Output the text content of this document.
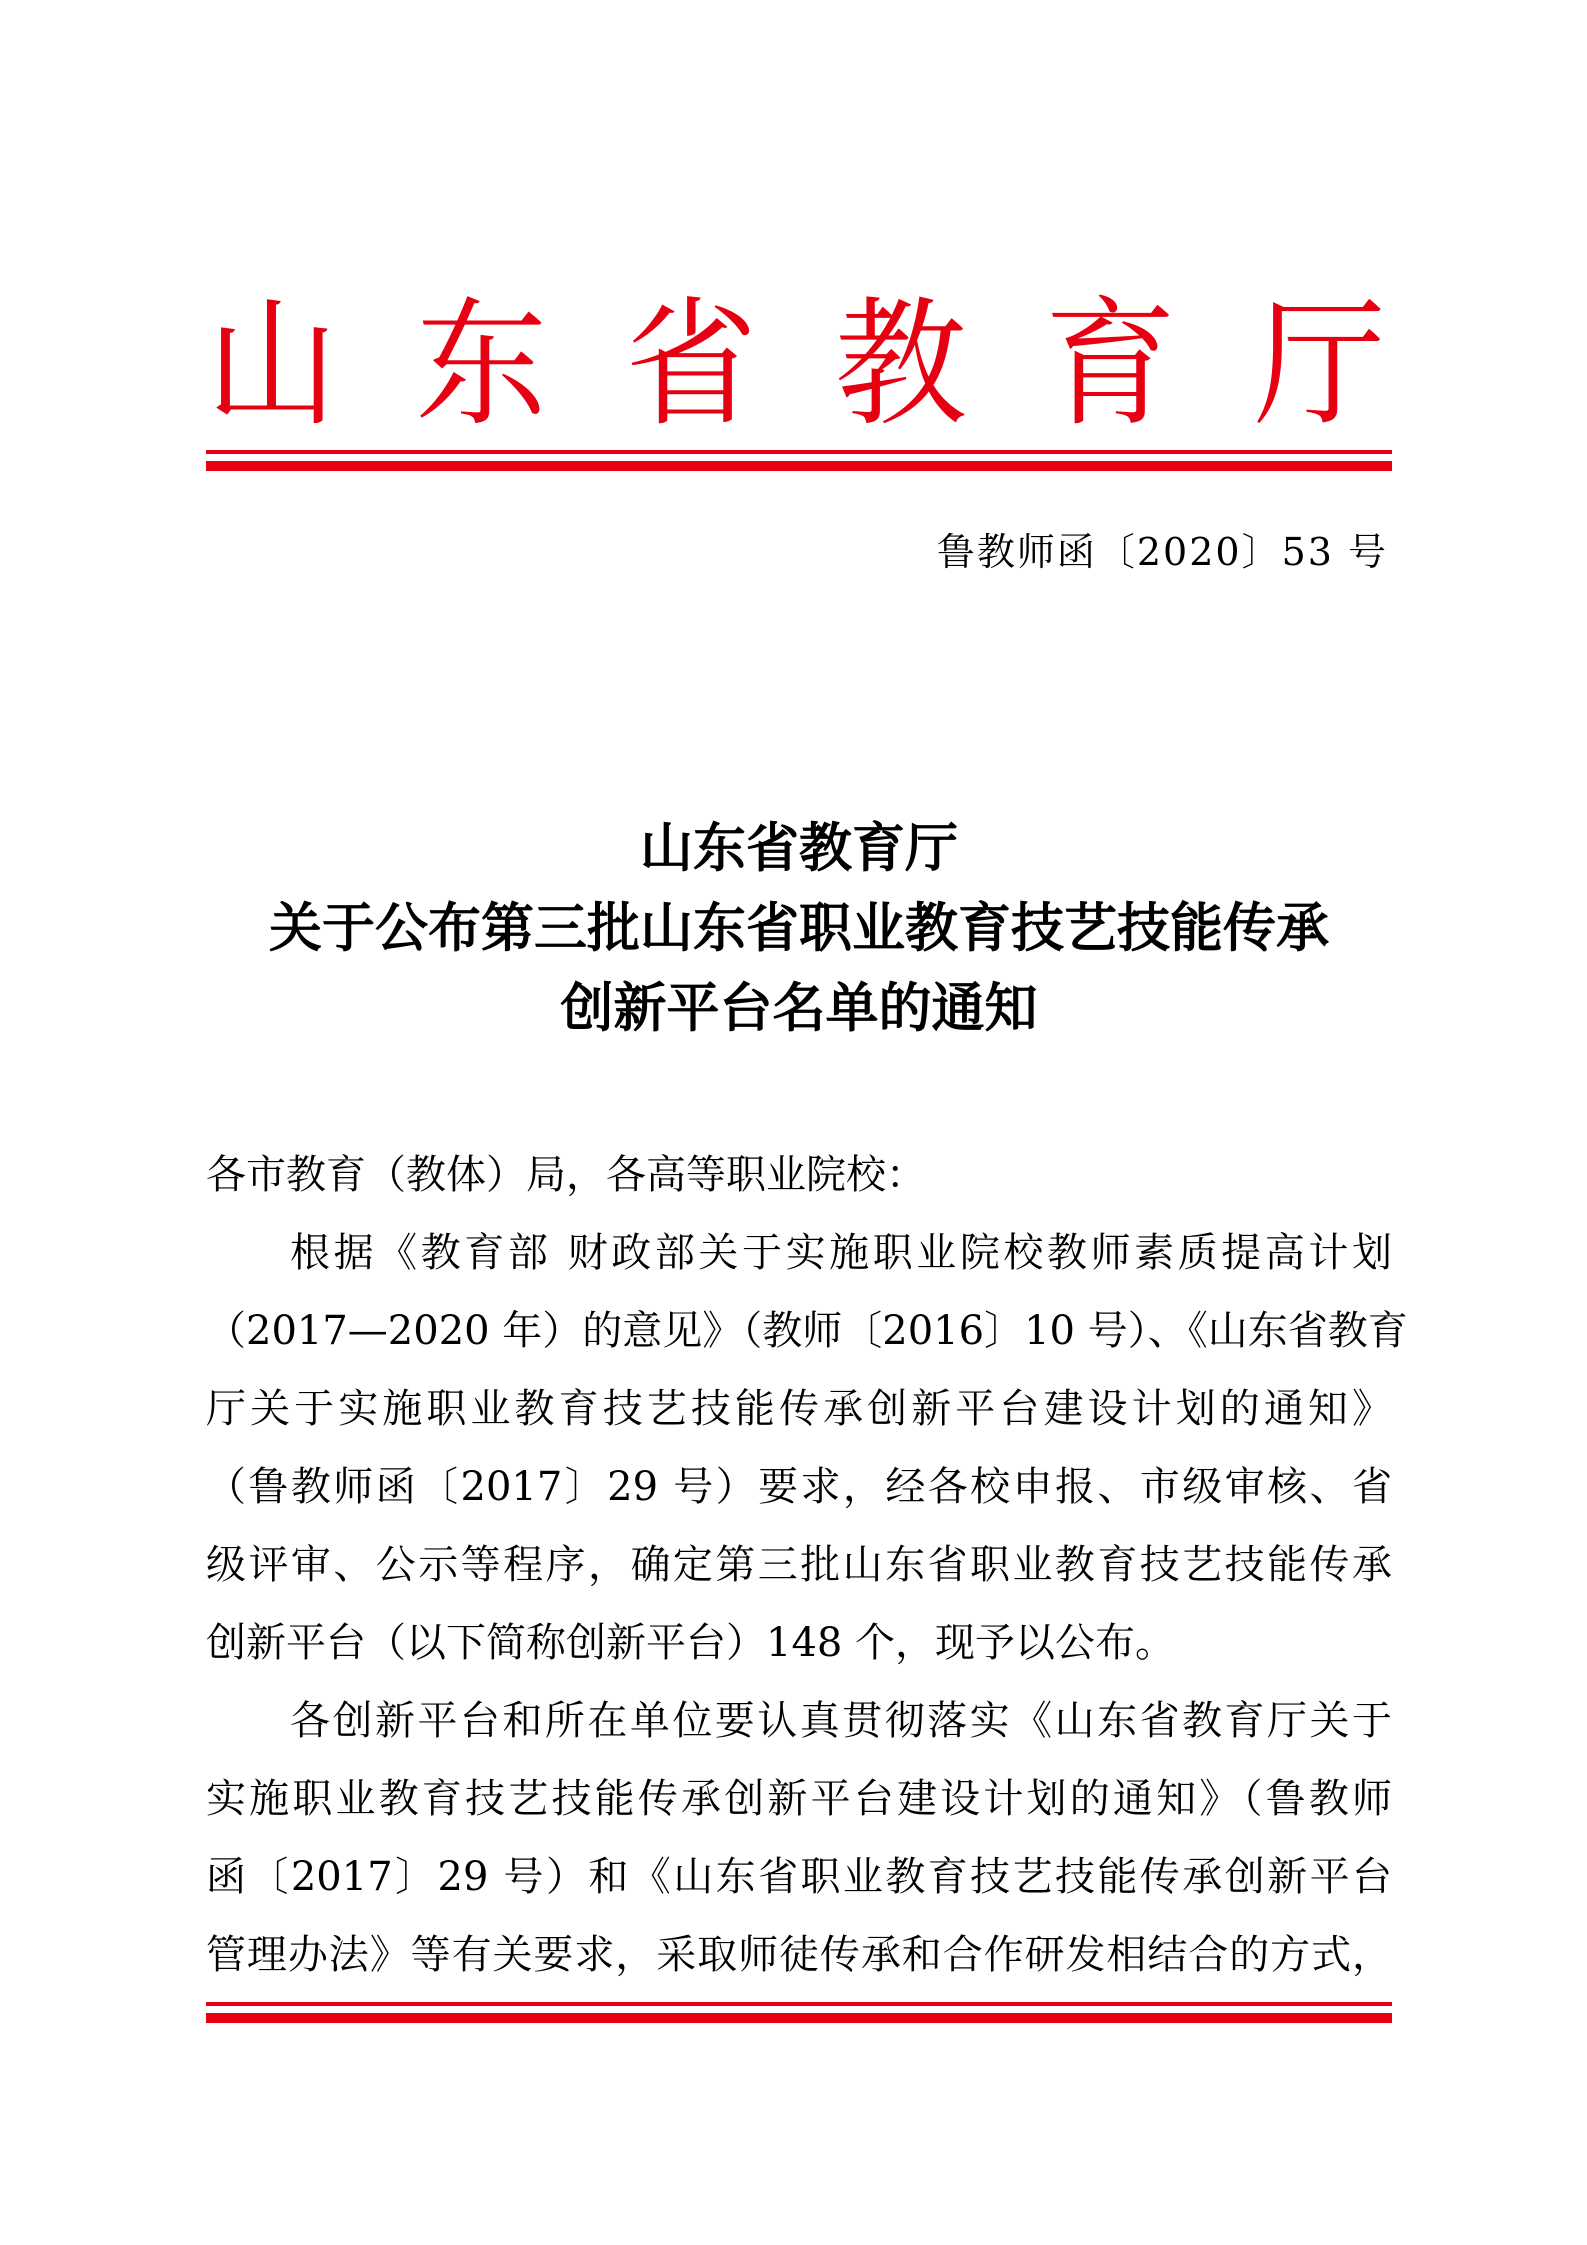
山 东 省 教 育 厅
鲁教师函〔2020〕53 号
山东省教育厅
关于公布第三批山东省职业教育技艺技能传承
创新平台名单的通知
各市教育（教体）局，各高等职业院校：
根据《教育部 财政部关于实施职业院校教师素质提高计划
（2017—2020 年）的意见》（教师〔2016〕10 号）、《山东省教育
厅关于实施职业教育技艺技能传承创新平台建设计划的通知》
（鲁教师函〔2017〕29 号）要求，经各校申报、市级审核、省
级评审、公示等程序，确定第三批山东省职业教育技艺技能传承
创新平台（以下简称创新平台）148 个，现予以公布。
各创新平台和所在单位要认真贯彻落实《山东省教育厅关于
实施职业教育技艺技能传承创新平台建设计划的通知》（鲁教师
函〔2017〕29 号）和《山东省职业教育技艺技能传承创新平台
管理办法》等有关要求，采取师徒传承和合作研发相结合的方式，
